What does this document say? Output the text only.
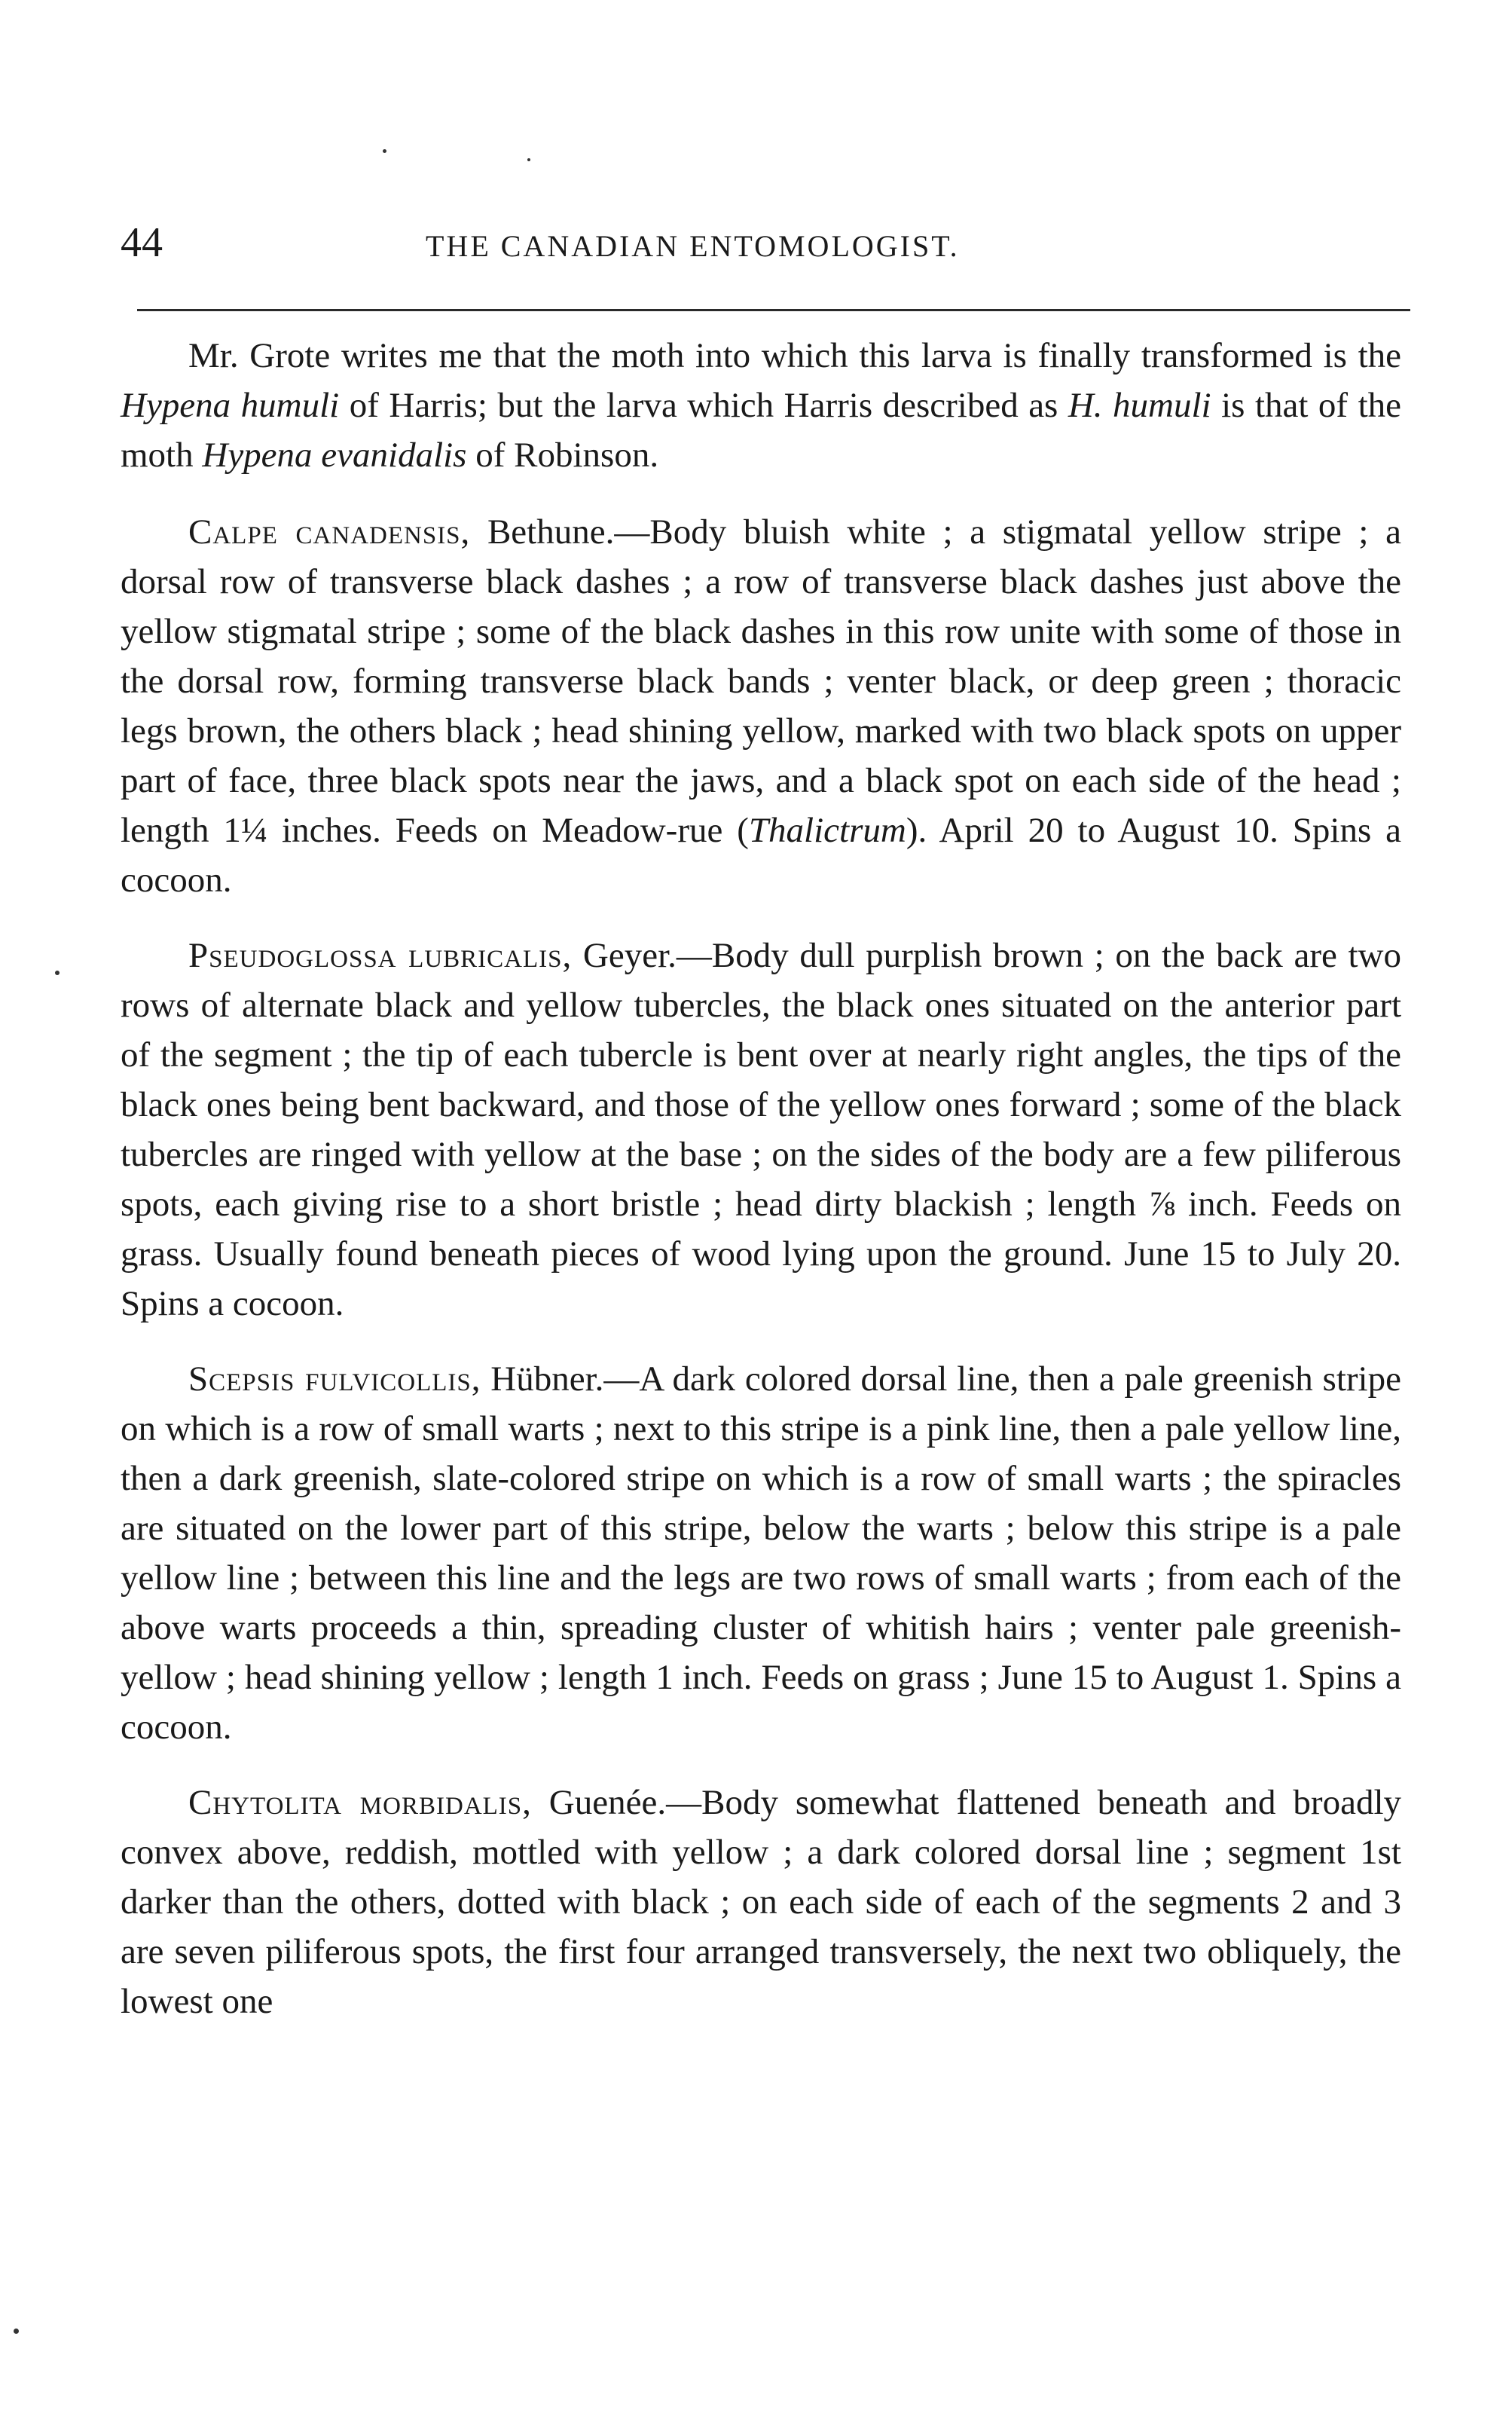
44	THE CANADIAN ENTOMOLOGIST.

Mr. Grote writes me that the moth into which this larva is finally transformed is the Hypena humuli of Harris; but the larva which Harris described as H. humuli is that of the moth Hypena evanidalis of Robinson.

Calpe canadensis, Bethune.—Body bluish white ; a stigmatal yellow stripe ; a dorsal row of transverse black dashes ; a row of transverse black dashes just above the yellow stigmatal stripe ; some of the black dashes in this row unite with some of those in the dorsal row, forming transverse black bands ; venter black, or deep green ; thoracic legs brown, the others black ; head shining yellow, marked with two black spots on upper part of face, three black spots near the jaws, and a black spot on each side of the head ; length 1¼ inches. Feeds on Meadow-rue (Thalictrum). April 20 to August 10. Spins a cocoon.

Pseudoglossa lubricalis, Geyer.—Body dull purplish brown ; on the back are two rows of alternate black and yellow tubercles, the black ones situated on the anterior part of the segment ; the tip of each tubercle is bent over at nearly right angles, the tips of the black ones being bent backward, and those of the yellow ones forward ; some of the black tubercles are ringed with yellow at the base ; on the sides of the body are a few piliferous spots, each giving rise to a short bristle ; head dirty blackish ; length ⅞ inch. Feeds on grass. Usually found beneath pieces of wood lying upon the ground. June 15 to July 20. Spins a cocoon.

Scepsis fulvicollis, Hübner.—A dark colored dorsal line, then a pale greenish stripe on which is a row of small warts ; next to this stripe is a pink line, then a pale yellow line, then a dark greenish, slate-colored stripe on which is a row of small warts ; the spiracles are situated on the lower part of this stripe, below the warts ; below this stripe is a pale yellow line ; between this line and the legs are two rows of small warts ; from each of the above warts proceeds a thin, spreading cluster of whitish hairs ; venter pale greenish-yellow ; head shining yellow ; length 1 inch. Feeds on grass ; June 15 to August 1. Spins a cocoon.

Chytolita morbidalis, Guenée.—Body somewhat flattened beneath and broadly convex above, reddish, mottled with yellow ; a dark colored dorsal line ; segment 1st darker than the others, dotted with black ; on each side of each of the segments 2 and 3 are seven piliferous spots, the first four arranged transversely, the next two obliquely, the lowest one
